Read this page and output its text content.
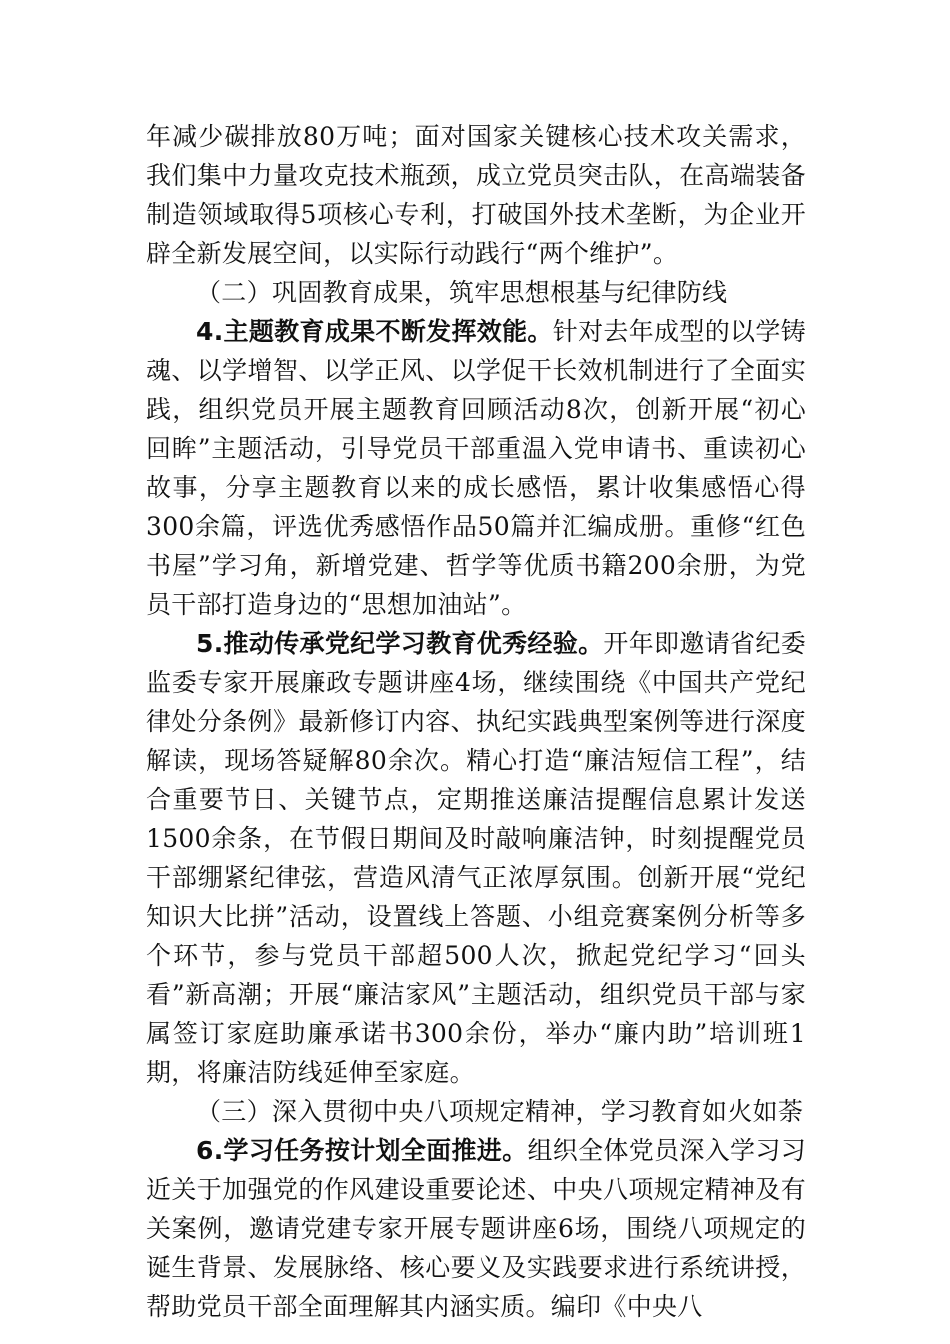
年减少碳排放80万吨；面对国家关键核心技术攻关需求，我们集中力量攻克技术瓶颈，成立党员突击队，在高端装备制造领域取得5项核心专利，打破国外技术垄断，为企业开辟全新发展空间，以实际行动践行“两个维护”。

（二）巩固教育成果，筑牢思想根基与纪律防线

4.主题教育成果不断发挥效能。针对去年成型的以学铸魂、以学增智、以学正风、以学促干长效机制进行了全面实践，组织党员开展主题教育回顾活动8次，创新开展“初心回眸”主题活动，引导党员干部重温入党申请书、重读初心故事，分享主题教育以来的成长感悟，累计收集感悟心得300余篇，评选优秀感悟作品50篇并汇编成册。重修“红色书屋”学习角，新增党建、哲学等优质书籍200余册，为党员干部打造身边的“思想加油站”。

5.推动传承党纪学习教育优秀经验。开年即邀请省纪委监委专家开展廉政专题讲座4场，继续围绕《中国共产党纪律处分条例》最新修订内容、执纪实践典型案例等进行深度解读，现场答疑解80余次。精心打造“廉洁短信工程”，结合重要节日、关键节点，定期推送廉洁提醒信息累计发送1500余条，在节假日期间及时敲响廉洁钟，时刻提醒党员干部绷紧纪律弦，营造风清气正浓厚氛围。创新开展“党纪知识大比拼”活动，设置线上答题、小组竞赛案例分析等多个环节，参与党员干部超500人次，掀起党纪学习“回头看”新高潮；开展“廉洁家风”主题活动，组织党员干部与家属签订家庭助廉承诺书300余份，举办“廉内助”培训班1期，将廉洁防线延伸至家庭。

（三）深入贯彻中央八项规定精神，学习教育如火如荼

6.学习任务按计划全面推进。组织全体党员深入学习习近关于加强党的作风建设重要论述、中央八项规定精神及有关案例，邀请党建专家开展专题讲座6场，围绕八项规定的诞生背景、发展脉络、核心要义及实践要求进行系统讲授，帮助党员干部全面理解其内涵实质。编印《中央八
